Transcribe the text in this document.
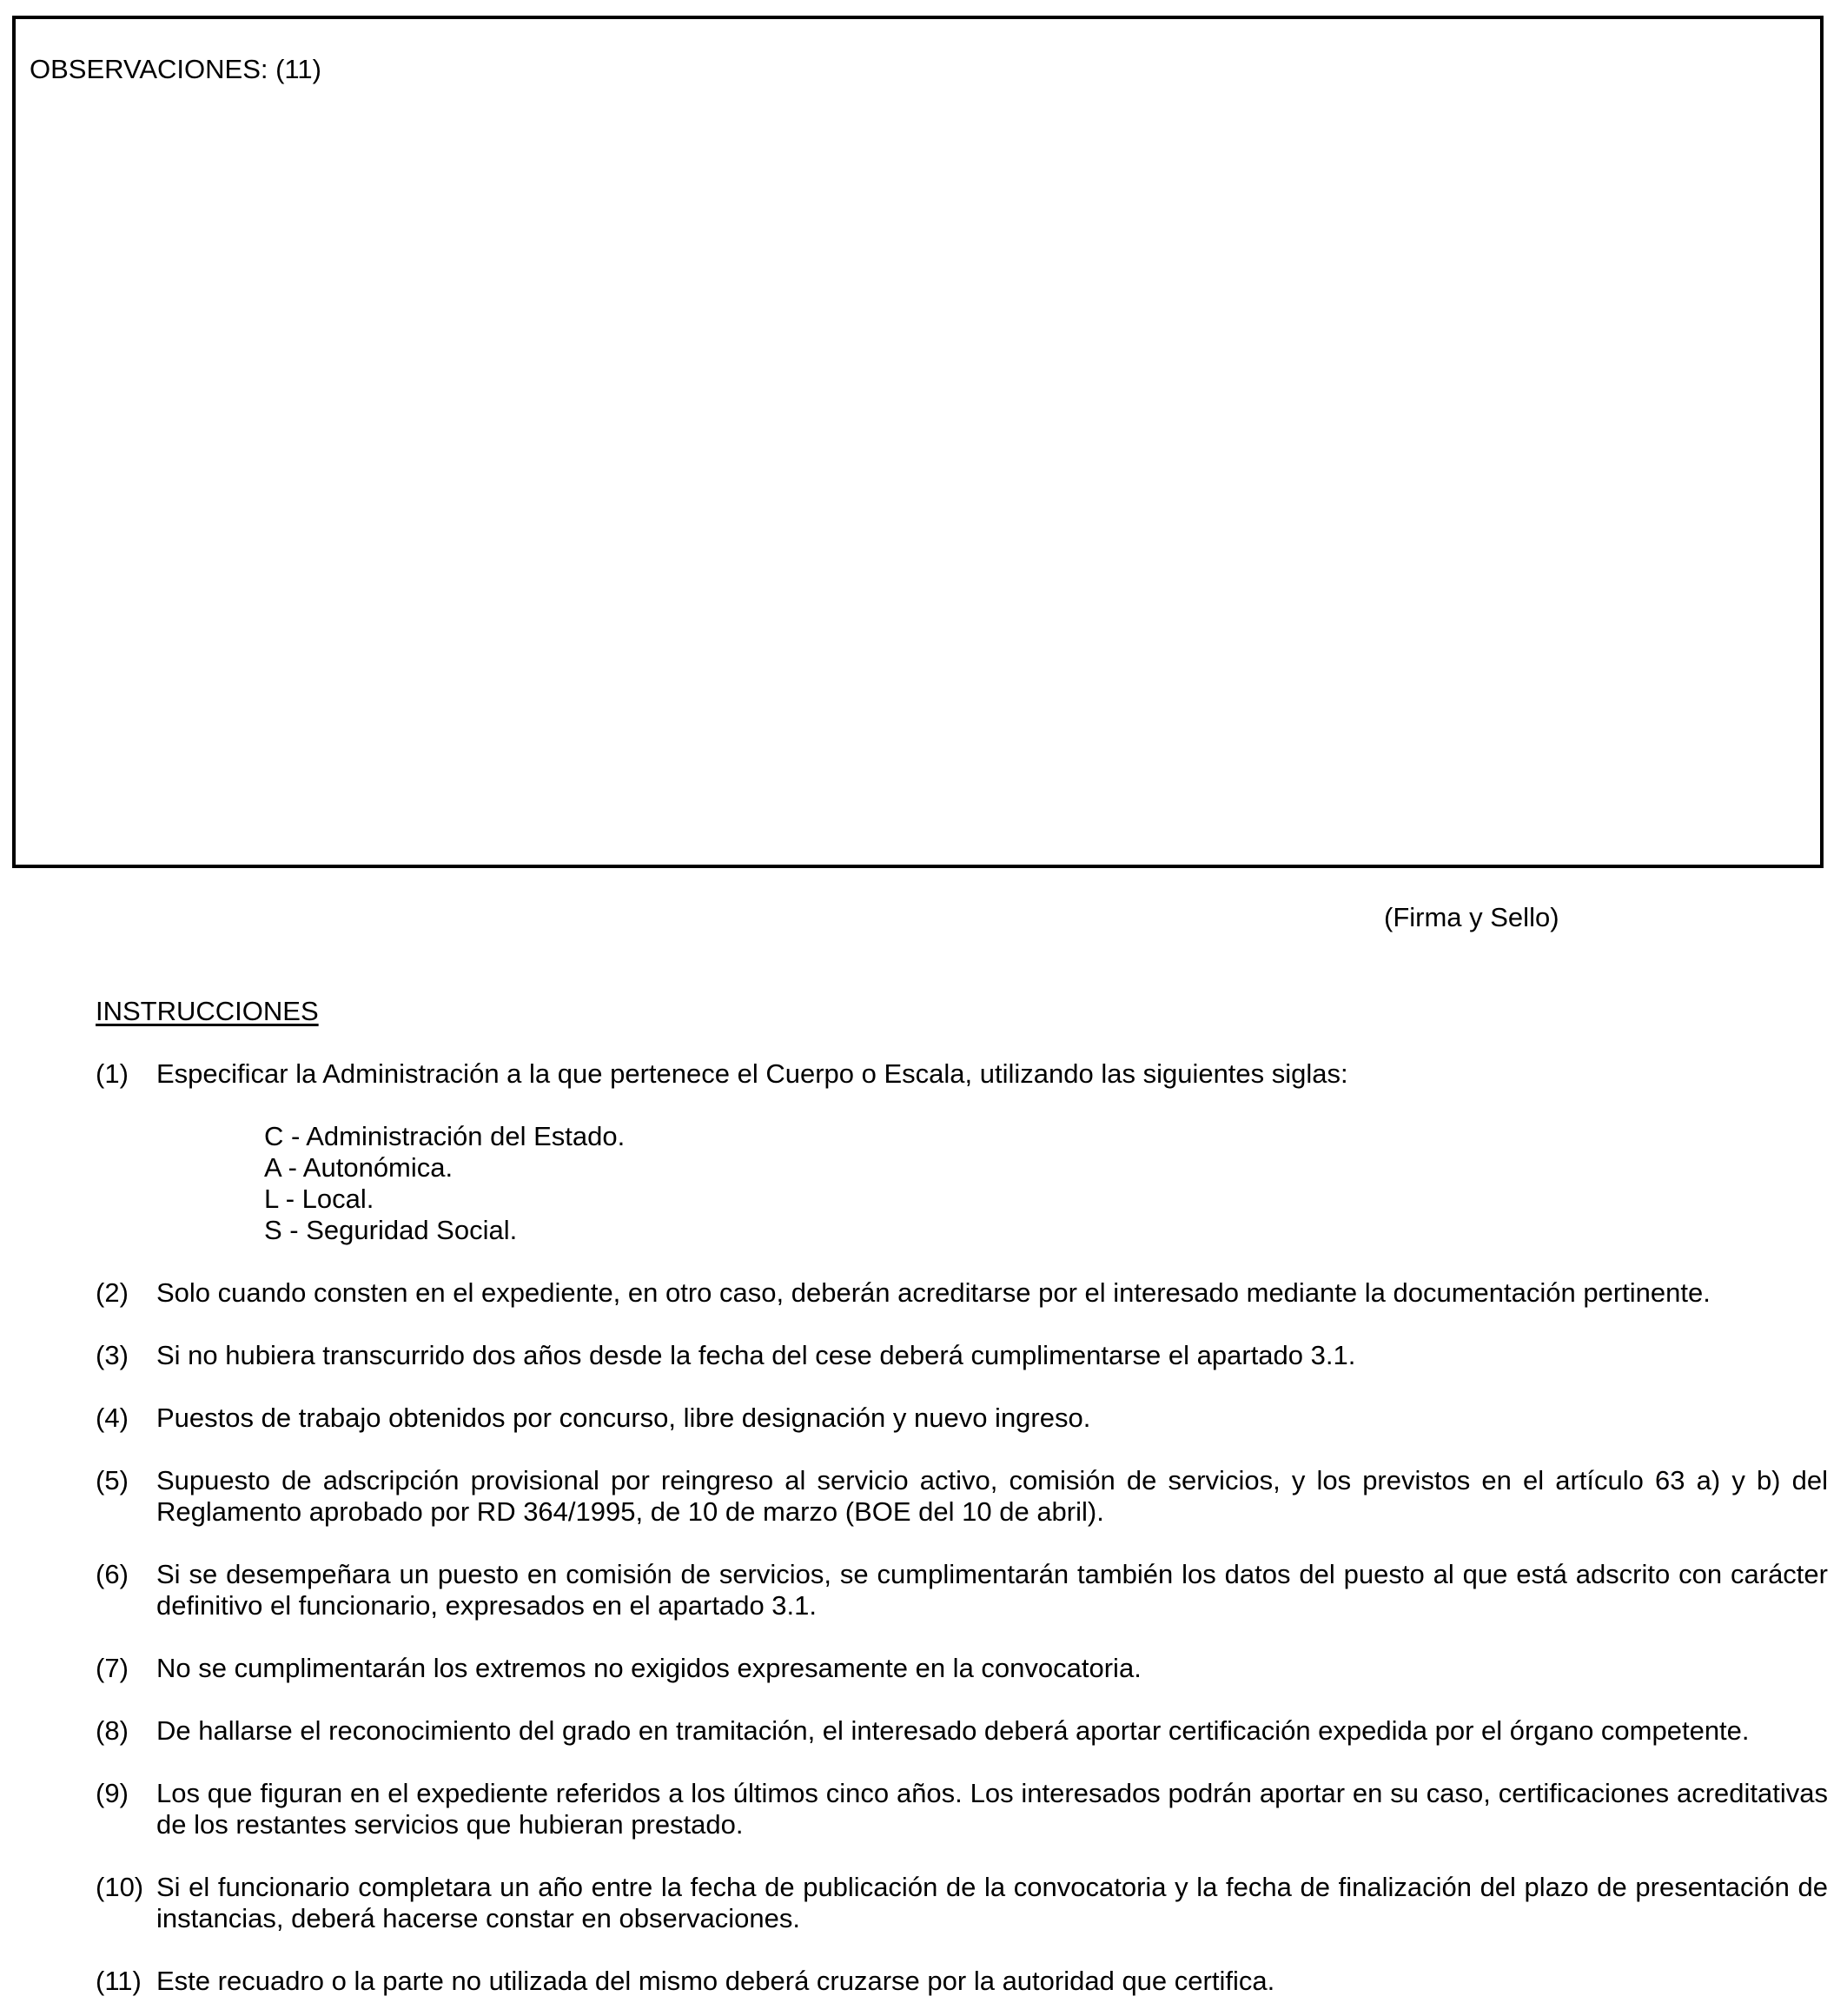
OBSERVACIONES: (11)
(Firma y Sello)
INSTRUCCIONES
(1) Especificar la Administración a la que pertenece el Cuerpo o Escala, utilizando las siguientes siglas:
C - Administración del Estado.
A - Autonómica.
L - Local.
S - Seguridad Social.
(2) Solo cuando consten en el expediente, en otro caso, deberán acreditarse por el interesado mediante la documentación pertinente.
(3) Si no hubiera transcurrido dos años desde la fecha del cese deberá cumplimentarse el apartado 3.1.
(4) Puestos de trabajo obtenidos por concurso, libre designación y nuevo ingreso.
(5) Supuesto de adscripción provisional por reingreso al servicio activo, comisión de servicios, y los previstos en el artículo 63 a) y b) del Reglamento aprobado por RD 364/1995, de 10 de marzo (BOE del 10 de abril).
(6) Si se desempeñara un puesto en comisión de servicios, se cumplimentarán también los datos del puesto al que está adscrito con carácter definitivo el funcionario, expresados en el apartado 3.1.
(7) No se cumplimentarán los extremos no exigidos expresamente en la convocatoria.
(8) De hallarse el reconocimiento del grado en tramitación, el interesado deberá aportar certificación expedida por el órgano competente.
(9) Los que figuran en el expediente referidos a los últimos cinco años. Los interesados podrán aportar en su caso, certificaciones acreditativas de los restantes servicios que hubieran prestado.
(10) Si el funcionario completara un año entre la fecha de publicación de la convocatoria y la fecha de finalización del plazo de presentación de instancias, deberá hacerse constar en observaciones.
(11) Este recuadro o la parte no utilizada del mismo deberá cruzarse por la autoridad que certifica.
